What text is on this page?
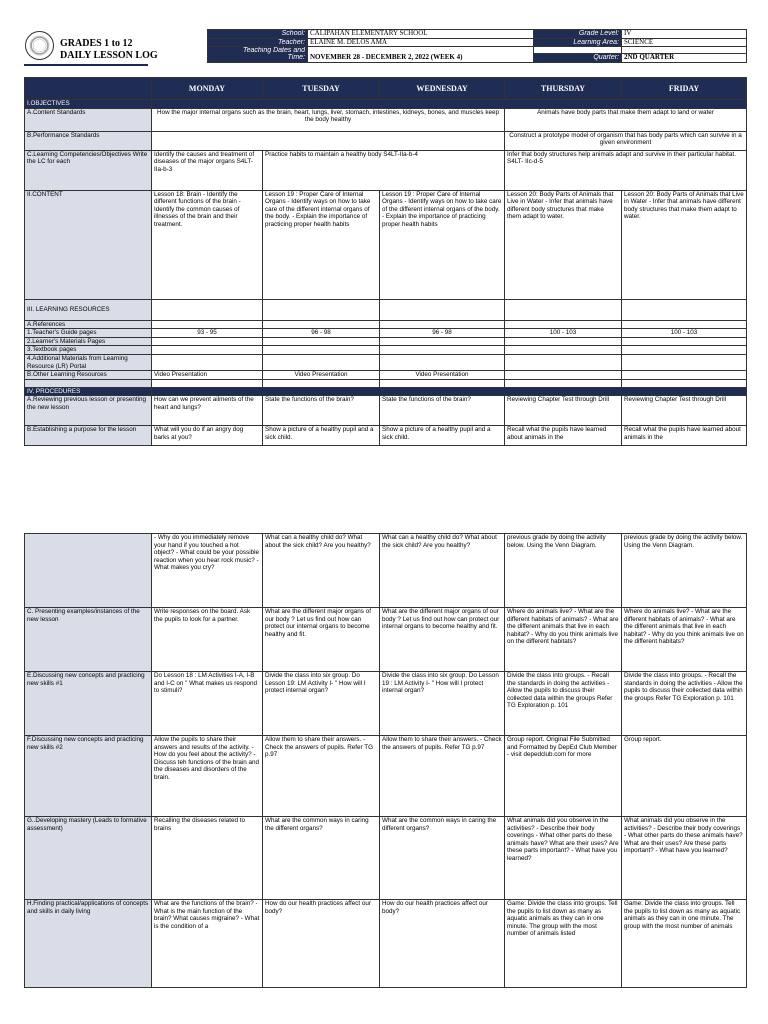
GRADES 1 to 12
DAILY LESSON LOG
School:	CALIPAHAN ELEMENTARY SCHOOL	Grade Level:	IV
Teacher:	ELAINE M. DELOS AMA	Learning Area:	SCIENCE

Teaching Dates and
Time:	NOVEMBER 28 - DECEMBER 2, 2022 (WEEK 4)		
		Quarter:	2ND QUARTER
	MONDAY	TUESDAY	WEDNESDAY	THURSDAY	FRIDAY
I.OBJECTIVES					
A.Content Standards	How the major internal organs such as the brain, heart, lungs, liver, stomach, intestines, kidneys, bones, and muscles keep the body healthy			Animals have body parts that make them adapt to land or water	
B.Performance Standards				Construct a prototype model of organism that has body parts which can survive in a given environment	
C.Learning Competencies/Objectives Write the LC for each	Identify the causes and treatment of diseases of the major organs S4LT-IIa-b-3	Practice habits to maintain a healthy body S4LT-IIa-b-4		Infer that body structures help animals adapt and survive in their particular habitat. S4LT- IIc-d-5	
II.CONTENT	Lesson 18: Brain - Identify the different functions of the brain - Identify the common causes of illnesses of the brain and their treatment.	Lesson 19 : Proper Care of Internal Organs - Identify ways on how to take care of the different internal organs of the body. - Explain the importance of practicing proper health habits	Lesson 19 : Proper Care of Internal Organs - Identify ways on how to take care of the different internal organs of the body. - Explain the importance of practicing proper health habits	Lesson 20: Body Parts of Animals that Live in Water - Infer that animals have different body structures that make them adapt to water.	Lesson 20: Body Parts of Animals that Live in Water - Infer that animals have different body structures that make them adapt to water.
III. LEARNING RESOURCES					
A.References					
1.Teacher's Guide pages	93 - 95	96 - 98	96 - 98	100 - 103	100 - 103
2.Learner's Materials Pages					
3.Textbook pages					
4.Additional Materials from Learning Resource (LR) Portal					
B.Other Learning Resources	Video Presentation	Video Presentation	Video Presentation		

IV. PROCEDURES					
A.Reviewing previous lesson or presenting the new lesson	How can we prevent ailments of the heart and lungs?	State the functions of the brain?	State the functions of the brain?	Reviewing Chapter Test through Drill	Reviewing Chapter Test through Drill
B.Establishing a purpose for the lesson	What will you do if an angry dog barks at you?	Show a picture of a healthy pupil and a sick child.	Show a picture of a healthy pupil and a sick child.	Recall what the pupils have learned about animals in the	Recall what the pupils have learned about animals in the
	- Why do you immediately remove your hand if you touched a hot object? - What could be your possible reaction when you hear rock music? - What makes you cry?	What can a healthy child do? What about the sick child? Are you healthy?	What can a healthy child do? What about the sick child? Are you healthy?	previous grade by doing the activity below. Using the Venn Diagram.	previous grade by doing the activity below. Using the Venn Diagram.
C. Presenting examples/instances of the new lesson	Write responses on the board. Ask the pupils to look for a partner.	What are the different major organs of our body ? Let us find out how can protect our internal organs to become healthy and fit.	What are the different major organs of our body ? Let us find out how can protect our internal organs to become healthy and fit.	Where do animals live? - What are the different habitats of animals? - What are the different animals that live in each habitat? - Why do you think animals live on the different habitats?	Where do animals live? - What are the different habitats of animals? - What are the different animals that live in each habitat? - Why do you think animals live on the different habitats?
E.Discussing new concepts and practicing new skills #1	Do Lesson 18 : LM Activities I-A, I-B and I-C on " What makes us respond to stimuli?	Divide the class into six group. Do Lesson 19: LM Activity I- " How will I protect internal organ?	Divide the class into six group. Do Lesson 19 : LM Activity I- " How will I protect internal organ?	Divide the class into groups. - Recall the standards in doing the activities - Allow the pupils to discuss their collected data within the groups Refer TG Exploration p. 101	Divide the class into groups. - Recall the standards in doing the activities - Allow the pupils to discuss their collected data within the groups Refer TG Exploration p. 101
F.Discussing new concepts and practicing new skills #2	Allow the pupils to share their answers and results of the activity. - How do you feel about the activity? - Discuss teh functions of the brain and the diseases and disorders of the brain.	Allow them to share their answers. - Check the answers of pupils. Refer TG p.97	Allow them to share their answers. - Check the answers of pupils. Refer TG p.97	Group report. Original File Submitted and Formatted by DepEd Club Member - visit depedclub.com for more	Group report.
G..Developing mastery (Leads to formative assessment)	Recalling the diseases related to brains	What are the common ways in caring the different organs?	What are the common ways in caring the different organs?	What animals did you observe in the activities? - Describe their body coverings - What other parts do these animals have? What are their uses? Are these parts important? - What have you learned?	What animals did you observe in the activities? - Describe their body coverings - What other parts do these animals have? What are their uses? Are these parts important? - What have you learned?
H.Finding practical/applications of concepts and skills in daily living	What are the functions of the brain? - What is the main function of the brain? What causes migraine? - What is the condition of a	How do our health practices affect our body?	How do our health practices affect our body?	Game: Divide the class into groups. Tell the pupils to list down as many as aquatic animals as they can in one minute. The group with the most number of animals listed	Game: Divide the class into groups. Tell the pupils to list down as many as aquatic animals as they can in one minute. The group with the most number of animals
